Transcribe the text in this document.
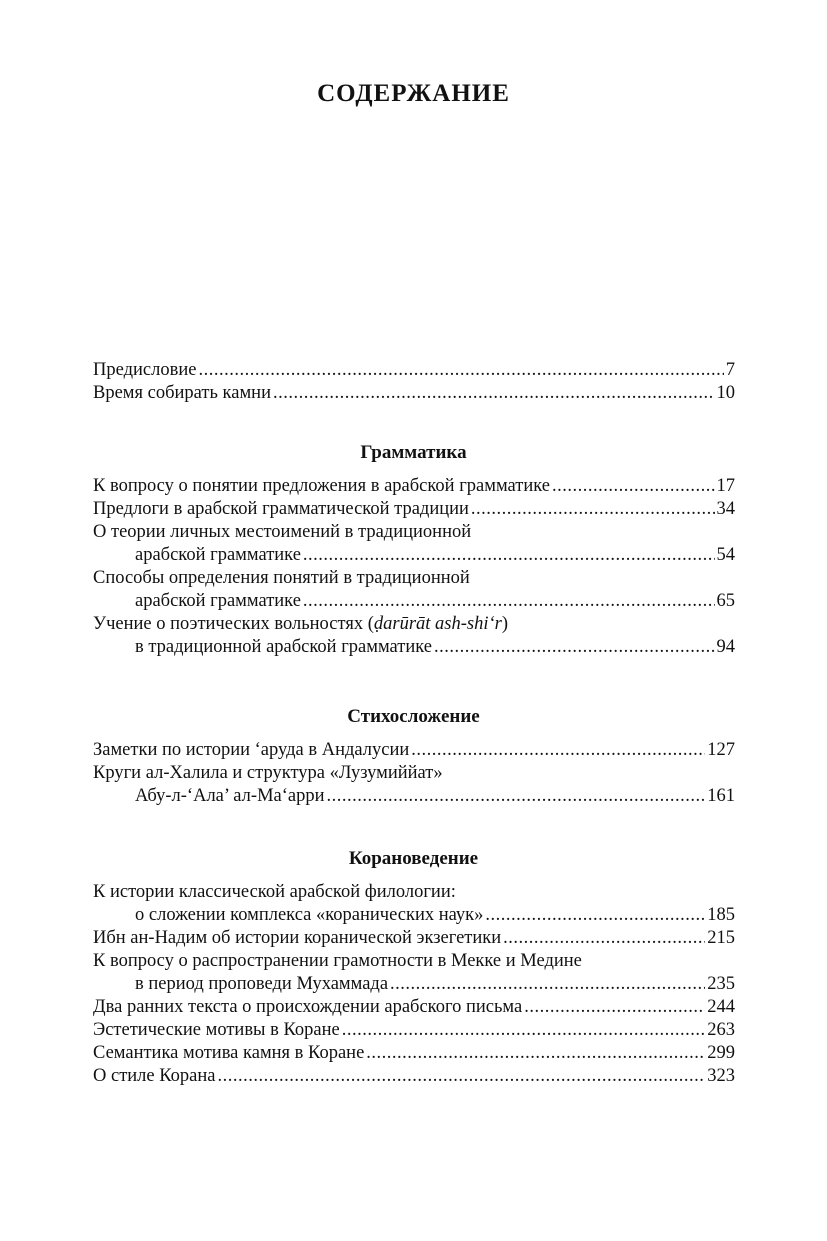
СОДЕРЖАНИЕ
Предисловие .....	7
Время собирать камни .....	10
Грамматика
К вопросу о понятии предложения в арабской грамматике .....	17
Предлоги в арабской грамматической традиции .....	34
О теории личных местоимений в традиционной
арабской грамматике .....	54
Способы определения понятий в традиционной
арабской грамматике .....	65
Учение о поэтических вольностях (ḍarūrāt ash-shi‘r)
в традиционной арабской грамматике .....	94
Стихосложение
Заметки по истории ‘аруда в Андалусии .....	127
Круги ал-Халила и структура «Лузумиййат»
Абу-л-‘Ала’ ал-Ма‘арри .....	161
Корановедение
К истории классической арабской филологии:
о сложении комплекса «коранических наук» .....	185
Ибн ан-Надим об истории коранической экзегетики .....	215
К вопросу о распространении грамотности в Мекке и Медине
в период проповеди Мухаммада .....	235
Два ранних текста о происхождении арабского письма .....	244
Эстетические мотивы в Коране .....	263
Семантика мотива камня в Коране .....	299
О стиле Корана .....	323
